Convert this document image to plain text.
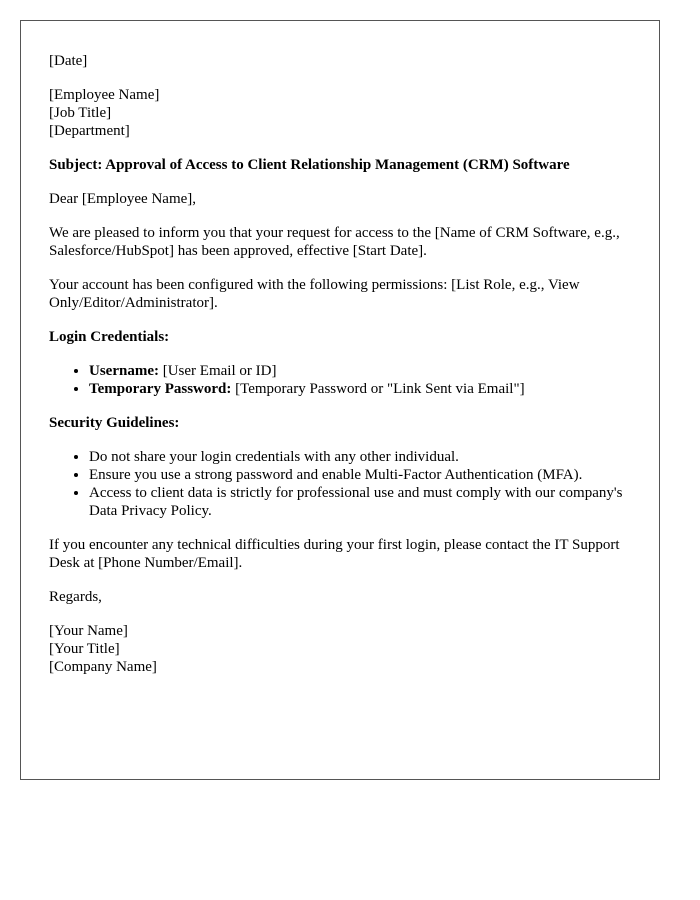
[Date]

[Employee Name]

[Job Title]

[Department]

Subject: Approval of Access to Client Relationship Management (CRM) Software

Dear [Employee Name],

We are pleased to inform you that your request for access to the [Name of CRM Software, e.g., Salesforce/HubSpot] has been approved, effective [Start Date].

Your account has been configured with the following permissions: [List Role, e.g., View Only/Editor/Administrator].

Login Credentials:

• Username: [User Email or ID]
• Temporary Password: [Temporary Password or "Link Sent via Email"]

Security Guidelines:

• Do not share your login credentials with any other individual.
• Ensure you use a strong password and enable Multi-Factor Authentication (MFA).
• Access to client data is strictly for professional use and must comply with our company's Data Privacy Policy.

If you encounter any technical difficulties during your first login, please contact the IT Support Desk at [Phone Number/Email].

Regards,

[Your Name]

[Your Title]

[Company Name]
